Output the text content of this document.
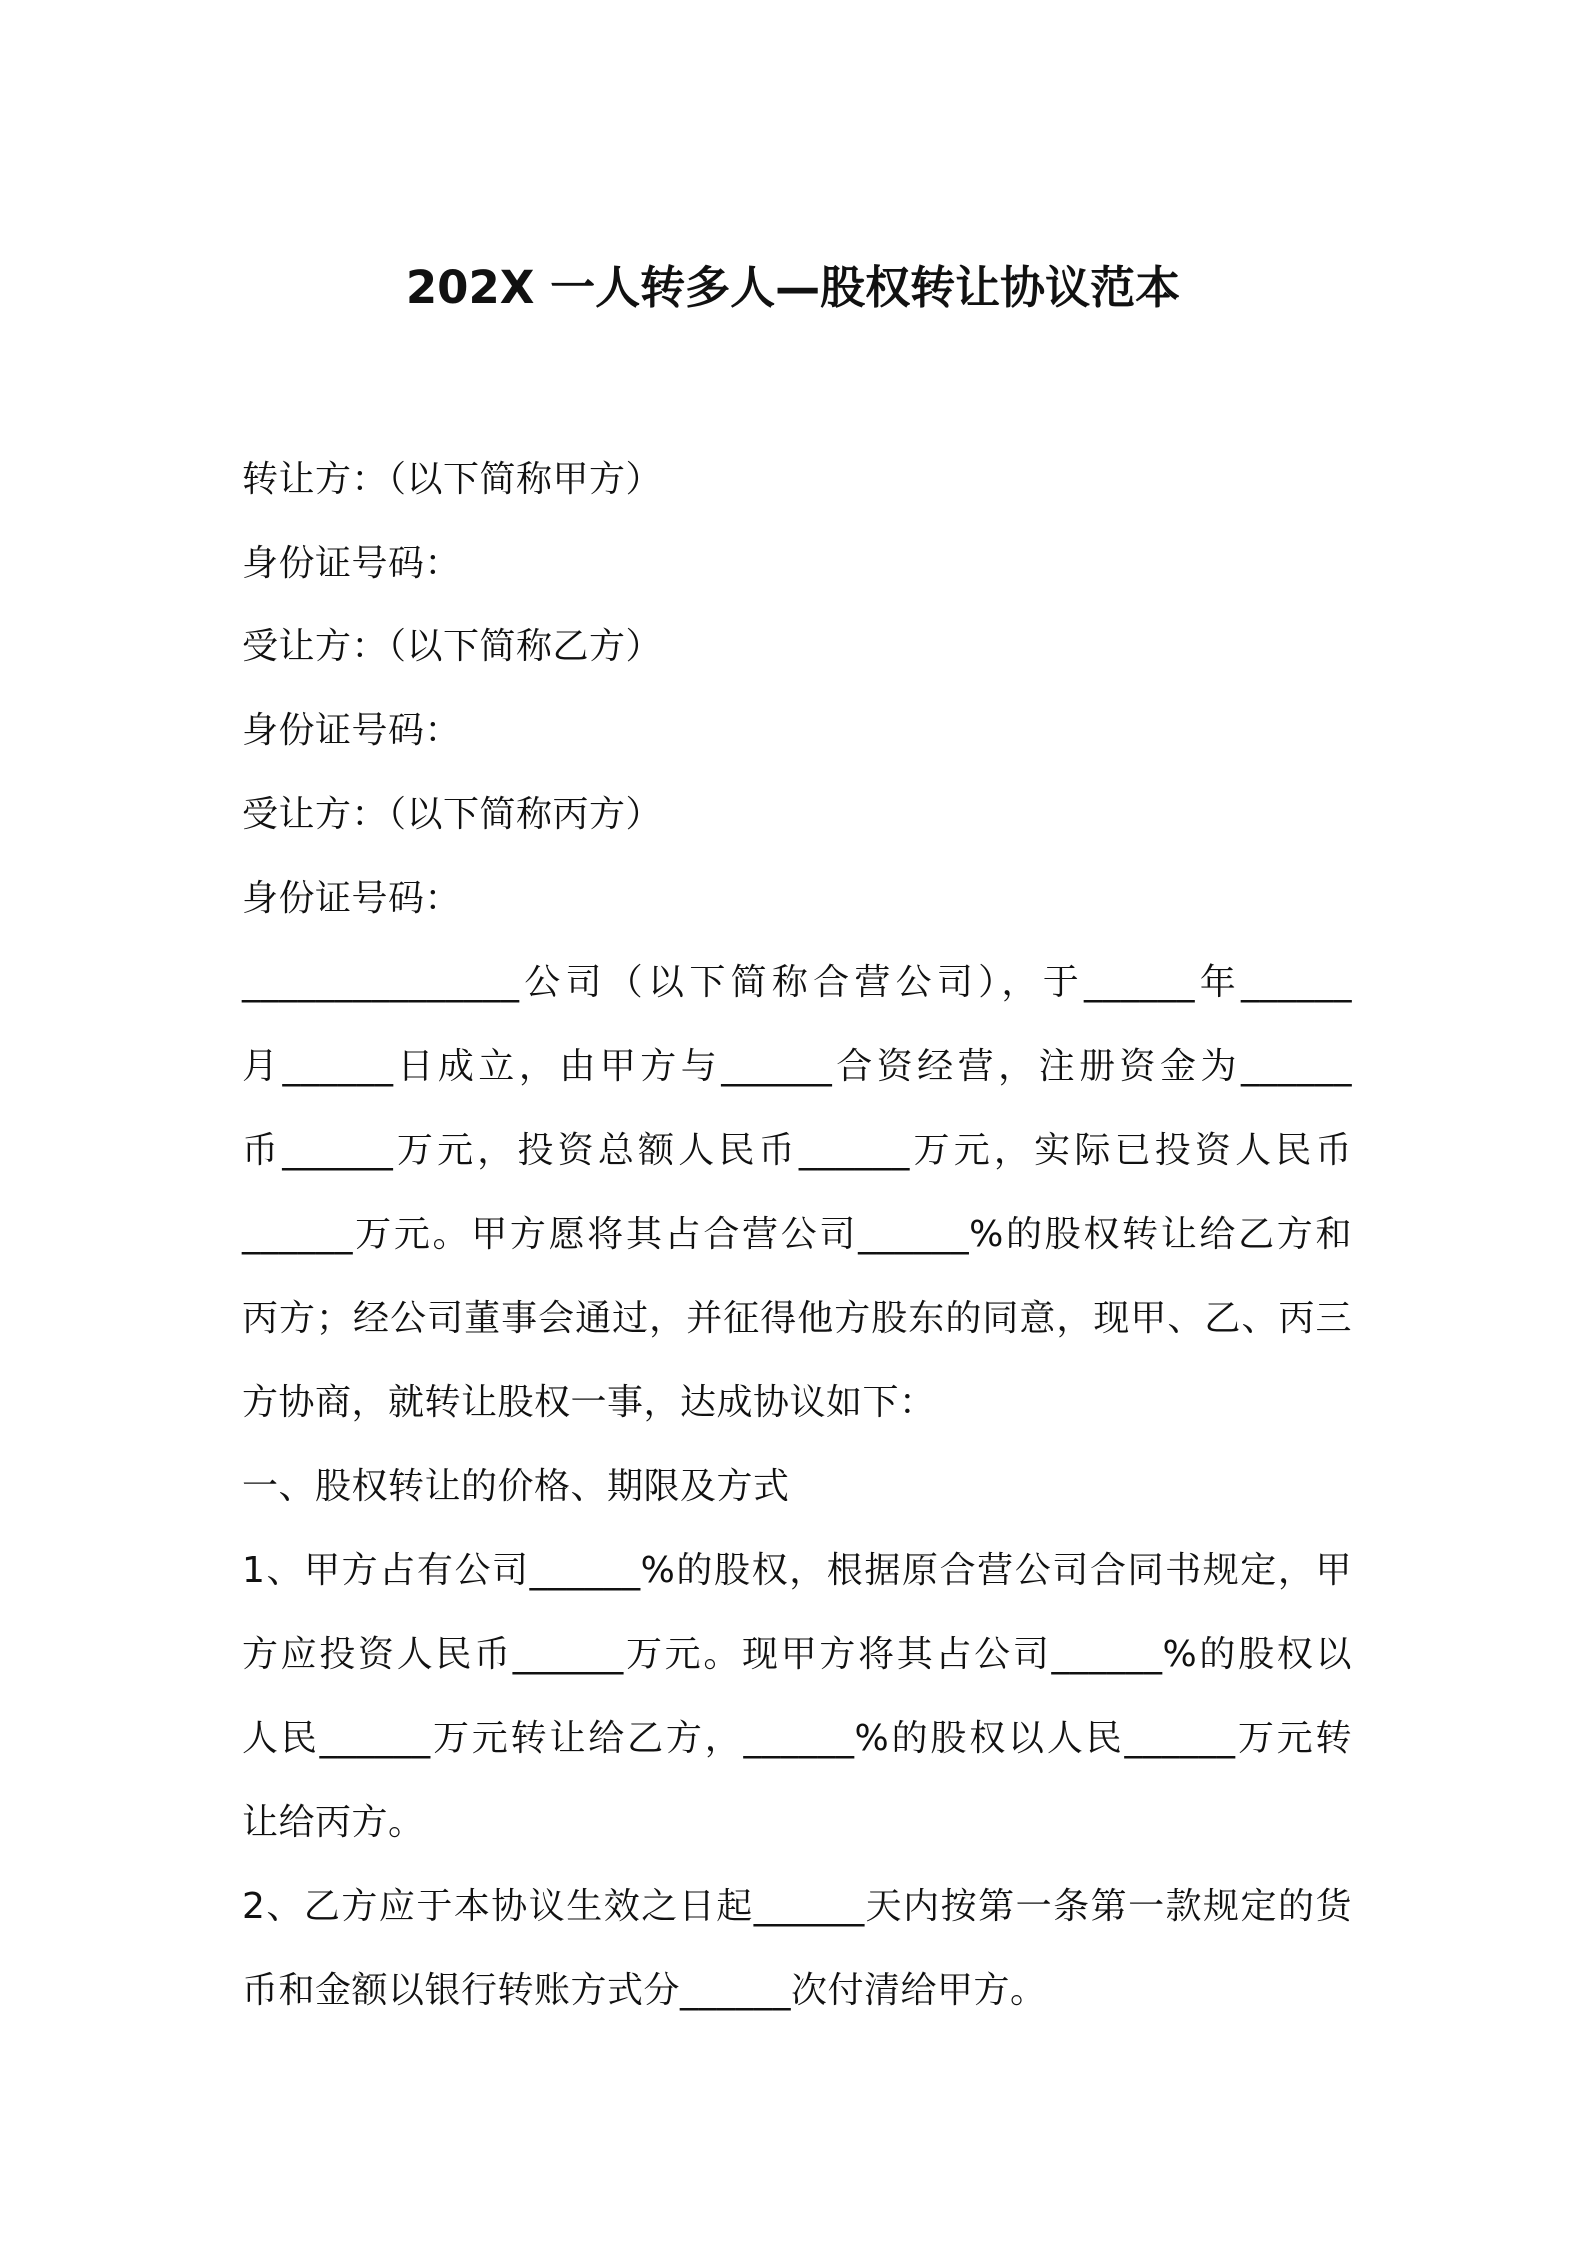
202X 一人转多人—股权转让协议范本
转让方：（以下简称甲方）
身份证号码：
受让方：（以下简称乙方）
身份证号码：
受让方：（以下简称丙方）
身份证号码：
_______________公司（以下简称合营公司），于______年______
月______日成立，由甲方与______合资经营，注册资金为______
币______万元，投资总额人民币______万元，实际已投资人民币
______万元。甲方愿将其占合营公司______%的股权转让给乙方和
丙方；经公司董事会通过，并征得他方股东的同意，现甲、乙、丙三
方协商，就转让股权一事，达成协议如下：
一、股权转让的价格、期限及方式
1、甲方占有公司______%的股权，根据原合营公司合同书规定，甲
方应投资人民币______万元。现甲方将其占公司______%的股权以
人民______万元转让给乙方，______%的股权以人民______万元转
让给丙方。
2、乙方应于本协议生效之日起______天内按第一条第一款规定的货
币和金额以银行转账方式分______次付清给甲方。
